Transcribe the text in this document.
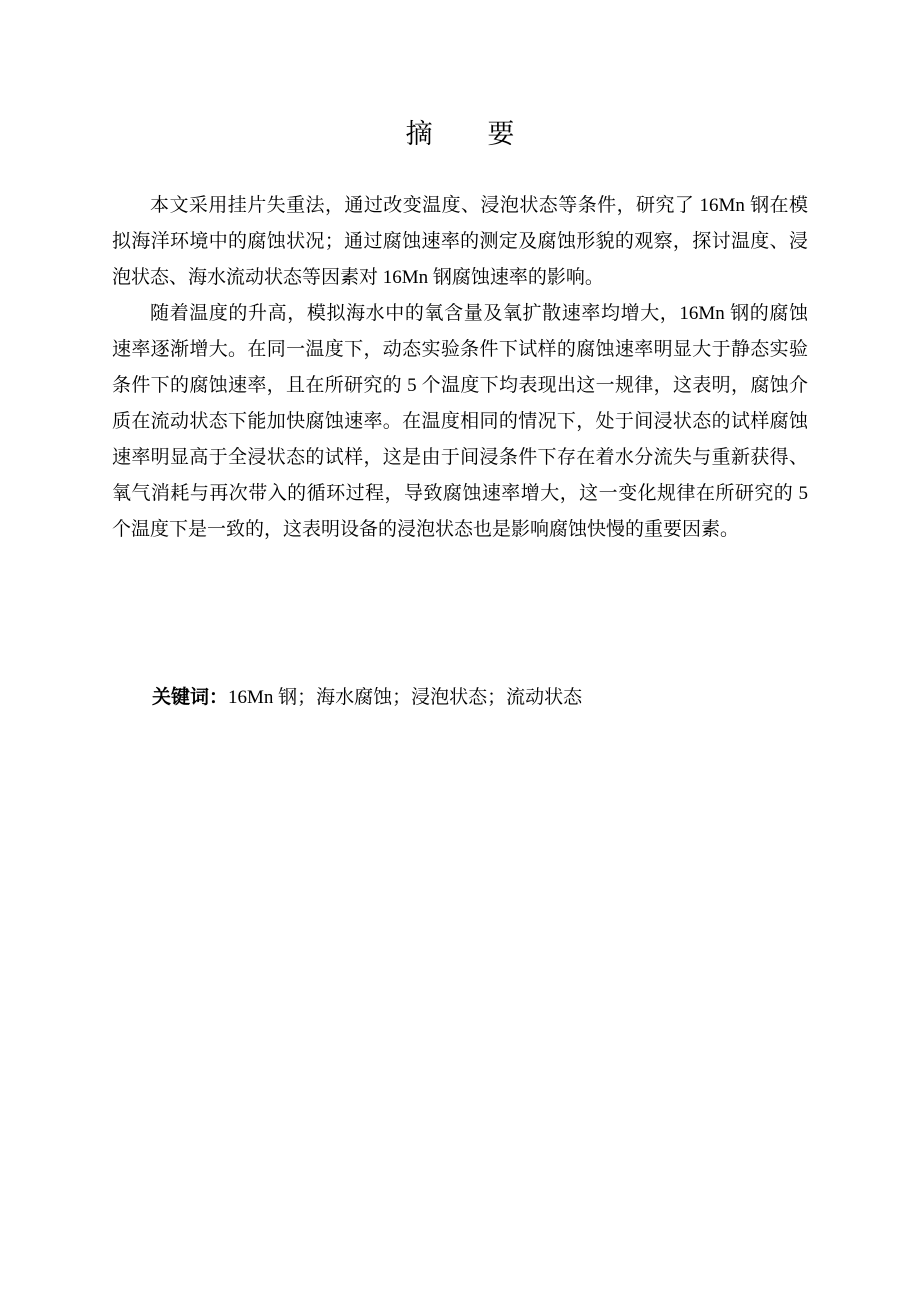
摘 要

本文采用挂片失重法，通过改变温度、浸泡状态等条件，研究了 16Mn 钢在模拟海洋环境中的腐蚀状况；通过腐蚀速率的测定及腐蚀形貌的观察，探讨温度、浸泡状态、海水流动状态等因素对 16Mn 钢腐蚀速率的影响。

随着温度的升高，模拟海水中的氧含量及氧扩散速率均增大，16Mn 钢的腐蚀速率逐渐增大。在同一温度下，动态实验条件下试样的腐蚀速率明显大于静态实验条件下的腐蚀速率，且在所研究的 5 个温度下均表现出这一规律，这表明，腐蚀介质在流动状态下能加快腐蚀速率。在温度相同的情况下，处于间浸状态的试样腐蚀速率明显高于全浸状态的试样，这是由于间浸条件下存在着水分流失与重新获得、氧气消耗与再次带入的循环过程，导致腐蚀速率增大，这一变化规律在所研究的 5 个温度下是一致的，这表明设备的浸泡状态也是影响腐蚀快慢的重要因素。

关键词：16Mn 钢；海水腐蚀；浸泡状态；流动状态
